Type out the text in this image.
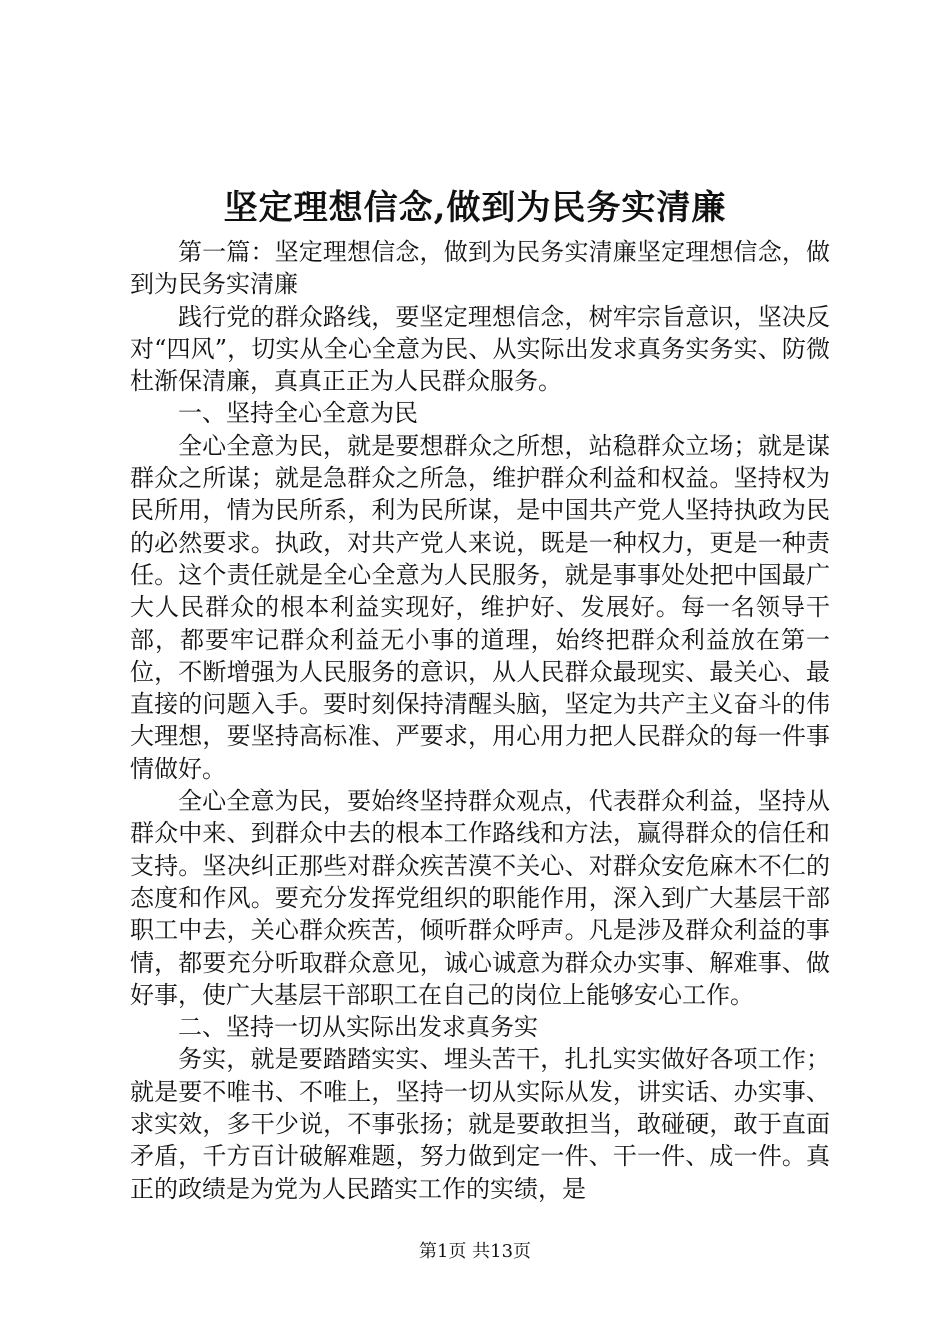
坚定理想信念,做到为民务实清廉

第一篇：坚定理想信念，做到为民务实清廉坚定理想信念，做到为民务实清廉

践行党的群众路线，要坚定理想信念，树牢宗旨意识，坚决反对“四风”，切实从全心全意为民、从实际出发求真务实务实、防微杜渐保清廉，真真正正为人民群众服务。

一、坚持全心全意为民

全心全意为民，就是要想群众之所想，站稳群众立场；就是谋群众之所谋；就是急群众之所急，维护群众利益和权益。坚持权为民所用，情为民所系，利为民所谋，是中国共产党人坚持执政为民的必然要求。执政，对共产党人来说，既是一种权力，更是一种责任。这个责任就是全心全意为人民服务，就是事事处处把中国最广大人民群众的根本利益实现好，维护好、发展好。每一名领导干部，都要牢记群众利益无小事的道理，始终把群众利益放在第一位，不断增强为人民服务的意识，从人民群众最现实、最关心、最直接的问题入手。要时刻保持清醒头脑，坚定为共产主义奋斗的伟大理想，要坚持高标准、严要求，用心用力把人民群众的每一件事情做好。

全心全意为民，要始终坚持群众观点，代表群众利益，坚持从群众中来、到群众中去的根本工作路线和方法，赢得群众的信任和支持。坚决纠正那些对群众疾苦漠不关心、对群众安危麻木不仁的态度和作风。要充分发挥党组织的职能作用，深入到广大基层干部职工中去，关心群众疾苦，倾听群众呼声。凡是涉及群众利益的事情，都要充分听取群众意见，诚心诚意为群众办实事、解难事、做好事，使广大基层干部职工在自己的岗位上能够安心工作。

二、坚持一切从实际出发求真务实

务实，就是要踏踏实实、埋头苦干，扎扎实实做好各项工作；就是要不唯书、不唯上，坚持一切从实际从发，讲实话、办实事、求实效，多干少说，不事张扬；就是要敢担当，敢碰硬，敢于直面矛盾，千方百计破解难题，努力做到定一件、干一件、成一件。真正的政绩是为党为人民踏实工作的实绩，是

第1页 共13页
